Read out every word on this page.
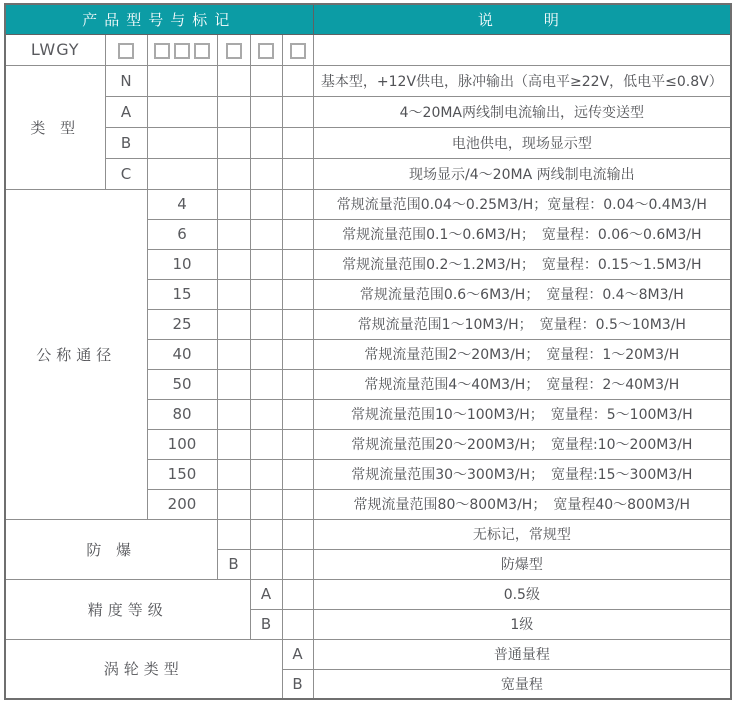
产品型号与标记						说　　明
LWGY						
类 型	N					基本型，+12V供电，脉冲输出（高电平≥22V，低电平≤0.8V）
	A					4～20MA两线制电流输出，远传变送型
	B					电池供电，现场显示型
	C					现场显示/4～20MA 两线制电流输出
公称通径		4				常规流量范围0.04～0.25M3/H；宽量程：0.04～0.4M3/H
		6				常规流量范围0.1～0.6M3/H；　宽量程：0.06～0.6M3/H
		10				常规流量范围0.2～1.2M3/H；　宽量程：0.15～1.5M3/H
		15				常规流量范围0.6～6M3/H；　宽量程：0.4～8M3/H
		25				常规流量范围1～10M3/H；　宽量程：0.5～10M3/H
		40				常规流量范围2～20M3/H；　宽量程：1～20M3/H
		50				常规流量范围4～40M3/H；　宽量程：2～40M3/H
		80				常规流量范围10～100M3/H；　宽量程：5～100M3/H
		100				常规流量范围20～200M3/H；　宽量程:10～200M3/H
		150				常规流量范围30～300M3/H；　宽量程:15～300M3/H
		200				常规流量范围80～800M3/H；　宽量程40～800M3/H
防 爆						无标记，常规型
			B			防爆型
精度等级				A		0.5级
				B		1级
涡轮类型					A	普通量程
					B	宽量程
